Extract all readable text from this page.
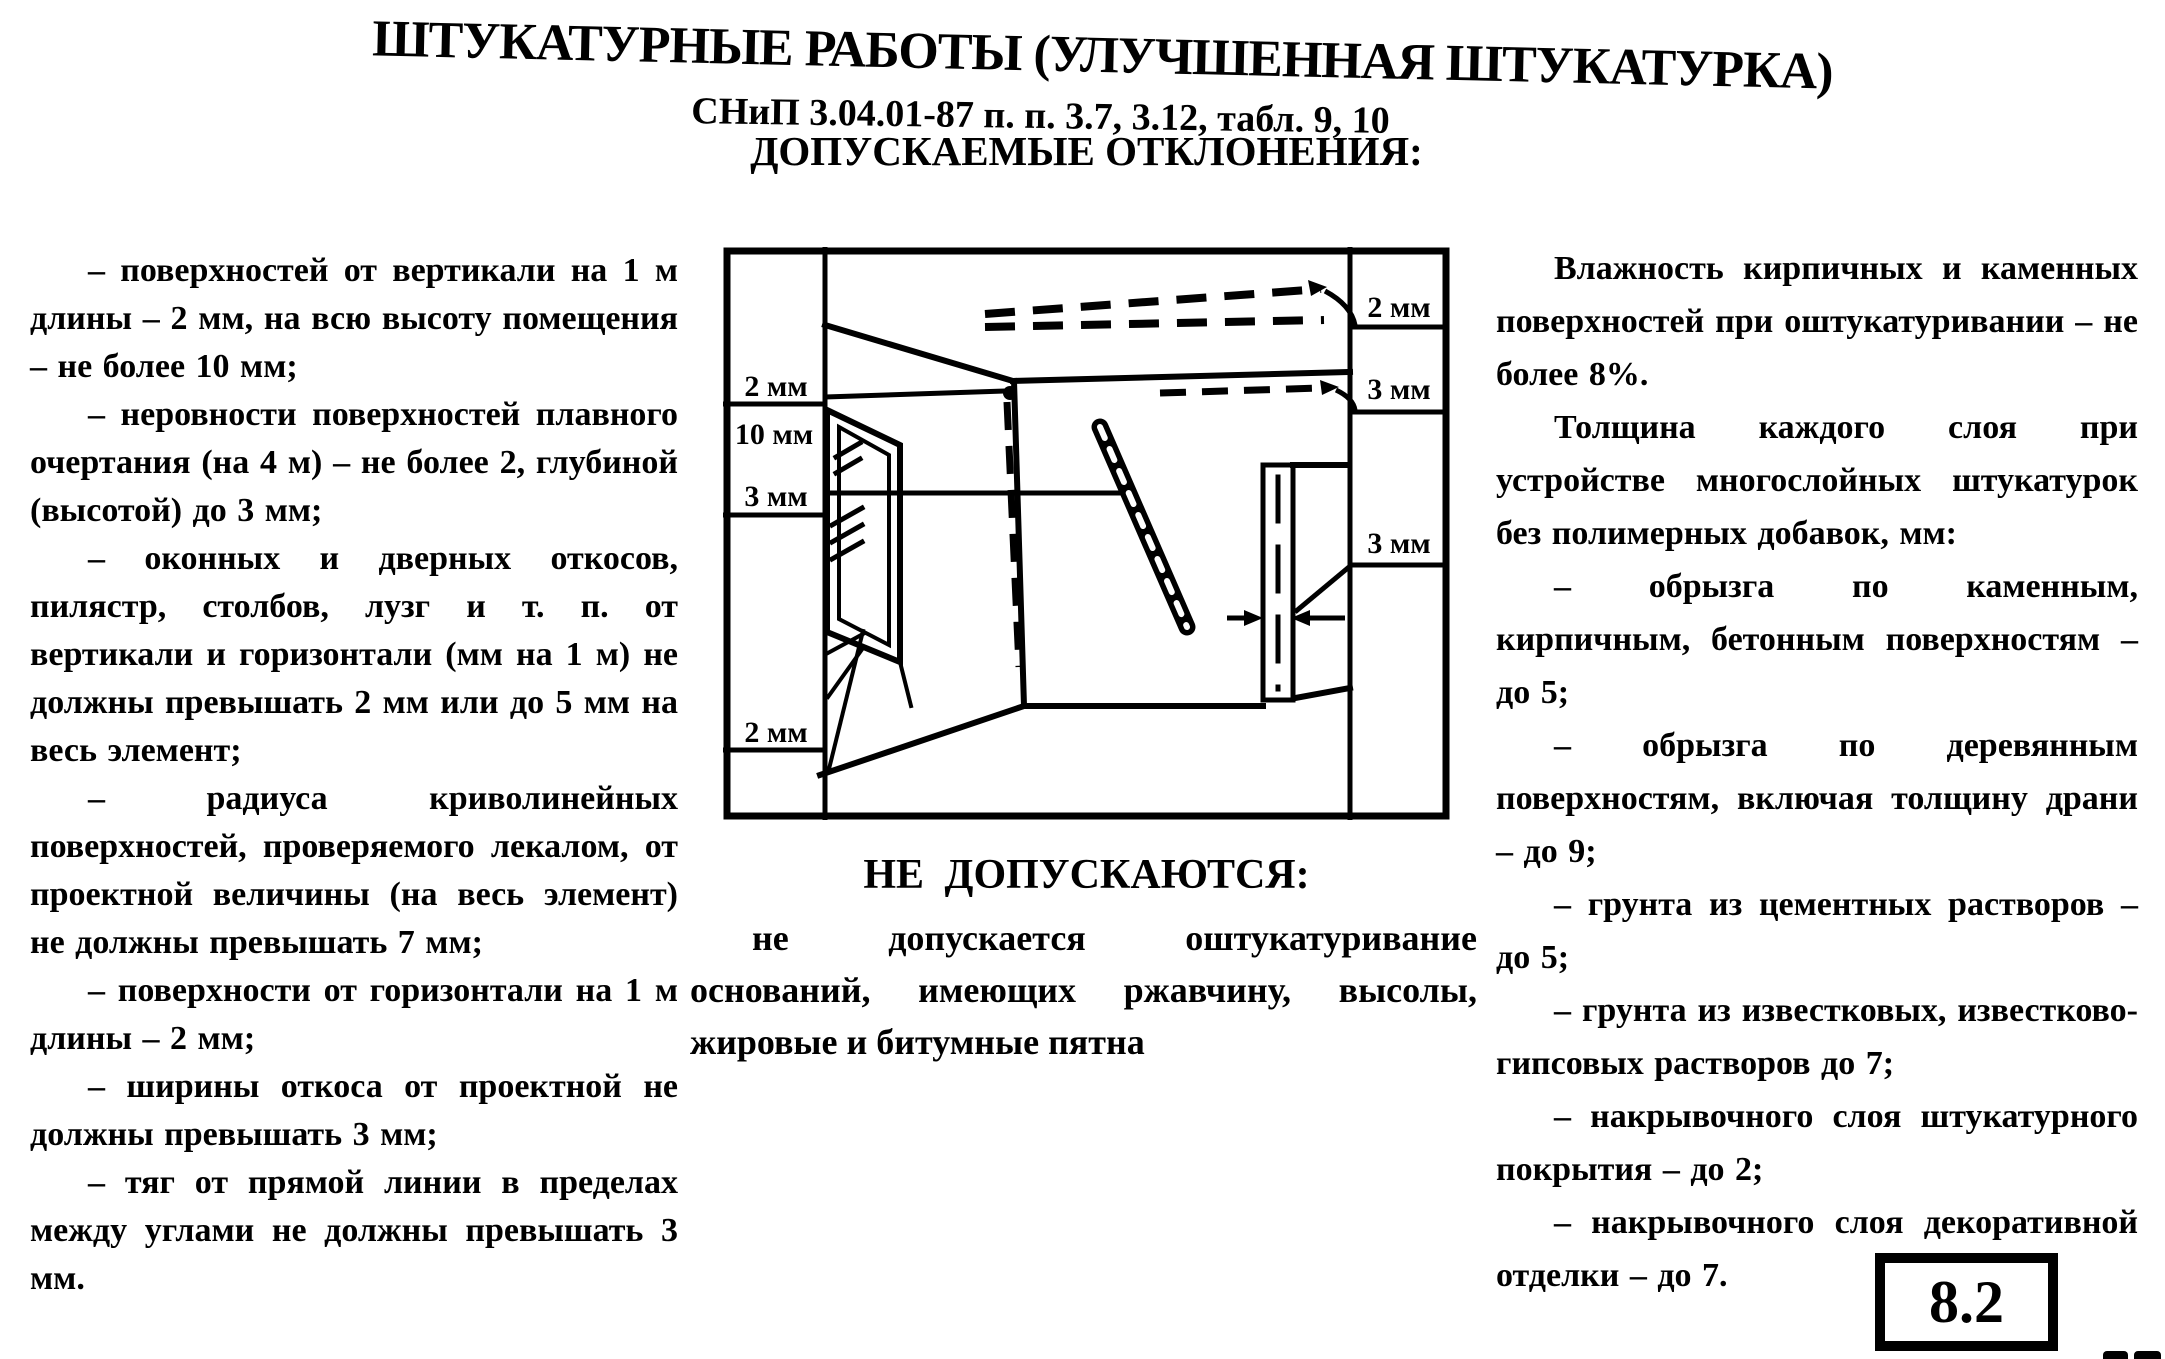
ШТУКАТУРНЫЕ РАБОТЫ (УЛУЧШЕННАЯ ШТУКАТУРКА)
СНиП 3.04.01-87 п. п. 3.7, 3.12, табл. 9, 10

– поверхностей от вертикали на 1 м длины – 2 мм, на всю высоту помещения – не более 10 мм;

– неровности поверхностей плавного очертания (на 4 м) – не более 2, глубиной (высотой) до 3 мм;

– оконных и дверных откосов, пилястр, столбов, лузг и т. п. от вертикали и горизонтали (мм на 1 м) не должны превышать 2 мм или до 5 мм на весь элемент;

– радиуса криволинейных поверхностей, проверяемого лекалом, от проектной величины (на весь элемент) не должны превышать 7 мм;

– поверхности от горизонтали на 1 м длины – 2 мм;

– ширины откоса от проектной не должны превышать 3 мм;

– тяг от прямой линии в пределах между углами не должны превышать 3 мм.

ДОПУСКАЕМЫЕ ОТКЛОНЕНИЯ:
2 мм
10 мм
3 мм
2 мм
2 мм
3 мм
3 мм
НЕ ДОПУСКАЮТСЯ:
не допускается оштукатуривание
оснований, имеющих ржавчину, высолы,
жировые и битумные пятна

Влажность кирпичных и каменных поверхностей при оштукатуривании – не более 8%.

Толщина каждого слоя при устройстве многослойных штукатурок без полимерных добавок, мм:

– обрызга по каменным, кирпичным, бетонным поверхностям – до 5;

– обрызга по деревянным поверхностям, включая толщину драни – до 9;

– грунта из цементных растворов – до 5;

– грунта из известковых, известково-гипсовых растворов до 7;

– накрывочного слоя штукатурного покрытия – до 2;

– накрывочного слоя декоративной отделки – до 7.	8.2
